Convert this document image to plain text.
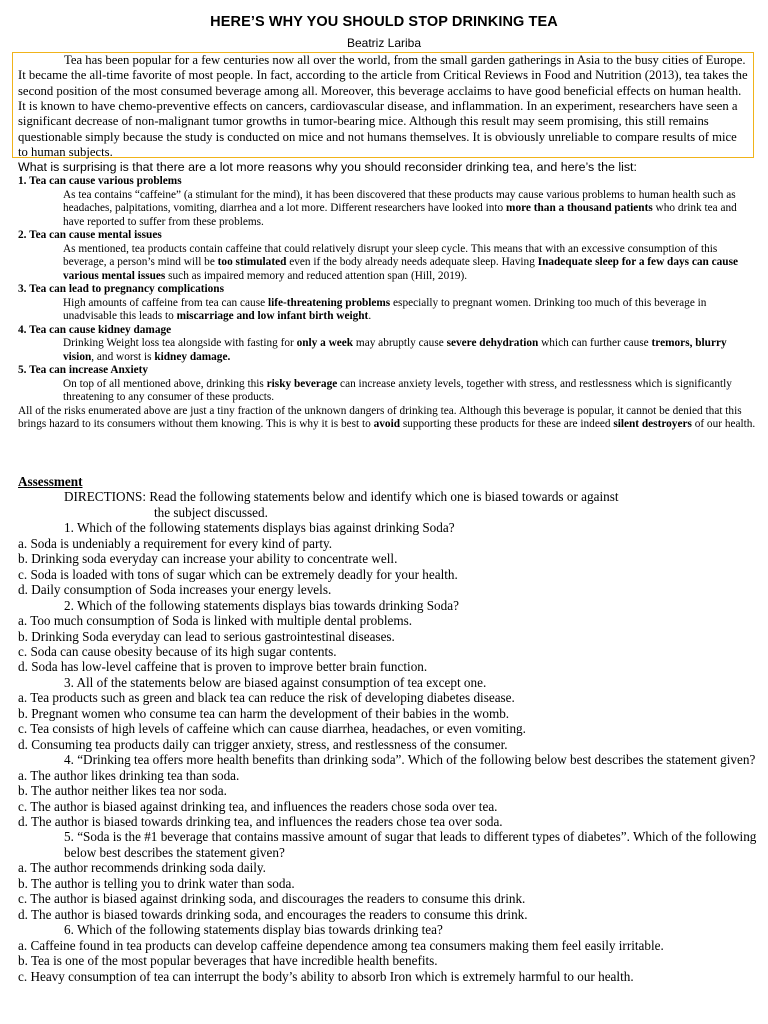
HERE’S WHY YOU SHOULD STOP DRINKING TEA
Beatriz Lariba

Tea has been popular for a few centuries now all over the world, from the small garden gatherings in Asia to the busy cities of Europe. It became the all-time favorite of most people. In fact, according to the article from Critical Reviews in Food and Nutrition (2013), tea takes the second position of the most consumed beverage among all. Moreover, this beverage acclaims to have good beneficial effects on human health. It is known to have chemo-preventive effects on cancers, cardiovascular disease, and inflammation. In an experiment, researchers have seen a significant decrease of non-malignant tumor growths in tumor-bearing mice. Although this result may seem promising, this still remains questionable simply because the study is conducted on mice and not humans themselves. It is obviously unreliable to compare results of mice to human subjects.

What is surprising is that there are a lot more reasons why you should reconsider drinking tea, and here’s the list:

1. Tea can cause various problems

As tea contains “caffeine” (a stimulant for the mind), it has been discovered that these products may cause various problems to human health such as headaches, palpitations, vomiting, diarrhea and a lot more. Different researchers have looked into more than a thousand patients who drink tea and have reported to suffer from these problems.

2. Tea can cause mental issues

As mentioned, tea products contain caffeine that could relatively disrupt your sleep cycle. This means that with an excessive consumption of this beverage, a person’s mind will be too stimulated even if the body already needs adequate sleep. Having Inadequate sleep for a few days can cause various mental issues such as impaired memory and reduced attention span (Hill, 2019).

3. Tea can lead to pregnancy complications

High amounts of caffeine from tea can cause life-threatening problems especially to pregnant women. Drinking too much of this beverage in unadvisable this leads to miscarriage and low infant birth weight.

4. Tea can cause kidney damage

Drinking Weight loss tea alongside with fasting for only a week may abruptly cause severe dehydration which can further cause tremors, blurry vision, and worst is kidney damage.

5. Tea can increase Anxiety

On top of all mentioned above, drinking this risky beverage can increase anxiety levels, together with stress, and restlessness which is significantly threatening to any consumer of these products.

All of the risks enumerated above are just a tiny fraction of the unknown dangers of drinking tea. Although this beverage is popular, it cannot be denied that this brings hazard to its consumers without them knowing. This is why it is best to avoid supporting these products for these are indeed silent destroyers of our health.

Assessment

DIRECTIONS: Read the following statements below and identify which one is biased towards or against
the subject discussed.

1. Which of the following statements displays bias against drinking Soda?

a. Soda is undeniably a requirement for every kind of party.

b. Drinking soda everyday can increase your ability to concentrate well.

c. Soda is loaded with tons of sugar which can be extremely deadly for your health.

d. Daily consumption of Soda increases your energy levels.

2. Which of the following statements displays bias towards drinking Soda?

a. Too much consumption of Soda is linked with multiple dental problems.

b. Drinking Soda everyday can lead to serious gastrointestinal diseases.

c. Soda can cause obesity because of its high sugar contents.

d. Soda has low-level caffeine that is proven to improve better brain function.

3. All of the statements below are biased against consumption of tea except one.

a. Tea products such as green and black tea can reduce the risk of developing diabetes disease.

b. Pregnant women who consume tea can harm the development of their babies in the womb.

c. Tea consists of high levels of caffeine which can cause diarrhea, headaches, or even vomiting.

d. Consuming tea products daily can trigger anxiety, stress, and restlessness of the consumer.

4. “Drinking tea offers more health benefits than drinking soda”. Which of the following below best describes the statement given?

a. The author likes drinking tea than soda.

b. The author neither likes tea nor soda.

c. The author is biased against drinking tea, and influences the readers chose soda over tea.

d. The author is biased towards drinking tea, and influences the readers chose tea over soda.

5. “Soda is the #1 beverage that contains massive amount of sugar that leads to different types of diabetes”. Which of the following below best describes the statement given?

a. The author recommends drinking soda daily.

b. The author is telling you to drink water than soda.

c. The author is biased against drinking soda, and discourages the readers to consume this drink.

d. The author is biased towards drinking soda, and encourages the readers to consume this drink.

6. Which of the following statements display bias towards drinking tea?

a. Caffeine found in tea products can develop caffeine dependence among tea consumers making them feel easily irritable.

b. Tea is one of the most popular beverages that have incredible health benefits.

c. Heavy consumption of tea can interrupt the body’s ability to absorb Iron which is extremely harmful to our health.
